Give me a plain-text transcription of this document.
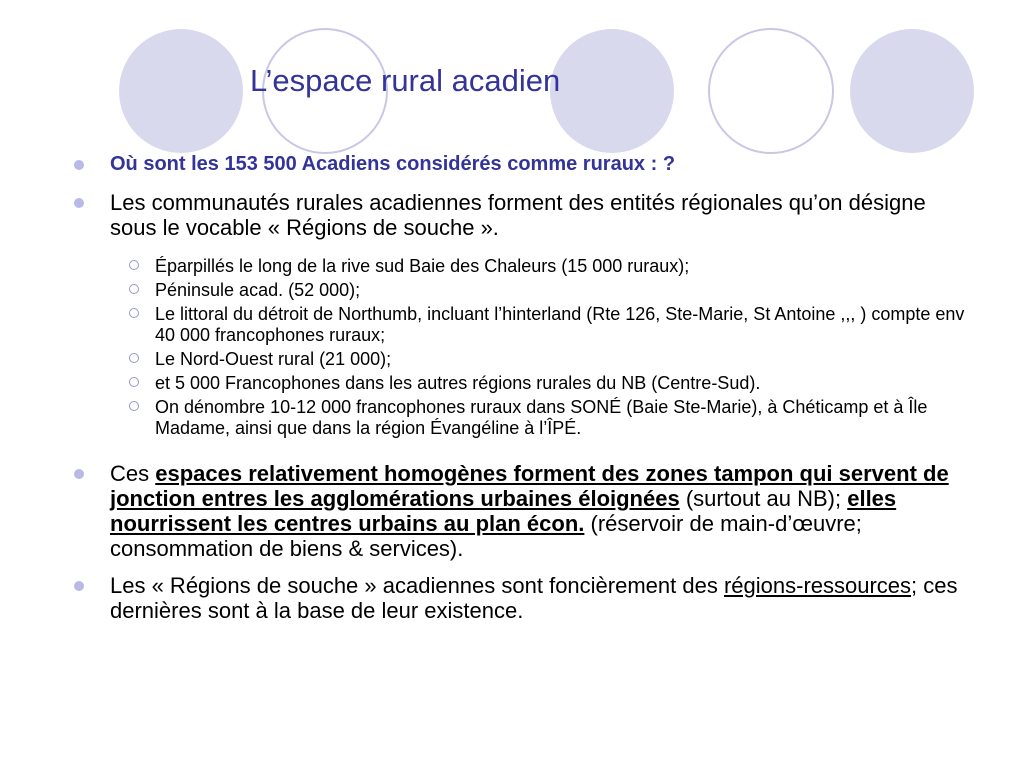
L’espace rural acadien
Où sont les 153 500 Acadiens considérés comme ruraux : ?
Les communautés rurales acadiennes forment des entités régionales qu’on désigne sous le vocable « Régions de souche ».
Éparpillés le long de la rive sud Baie des Chaleurs (15 000 ruraux);
Péninsule acad. (52 000);
Le littoral du détroit de Northumb, incluant l’hinterland (Rte 126, Ste-Marie, St Antoine ,,, ) compte env 40 000 francophones ruraux;
Le Nord-Ouest rural (21 000);
et 5 000 Francophones dans les autres régions rurales du NB (Centre-Sud).
On dénombre 10-12 000 francophones ruraux dans SONÉ (Baie Ste-Marie), à Chéticamp et à Île Madame, ainsi que dans la région Évangéline à l’ÎPÉ.
Ces espaces relativement homogènes forment des zones tampon qui servent de jonction entres les agglomérations urbaines éloignées (surtout au NB); elles nourrissent les centres urbains au plan écon. (réservoir de main-d’œuvre; consommation de biens & services).
Les « Régions de souche » acadiennes sont foncièrement des régions-ressources; ces dernières sont à la base de leur existence.
